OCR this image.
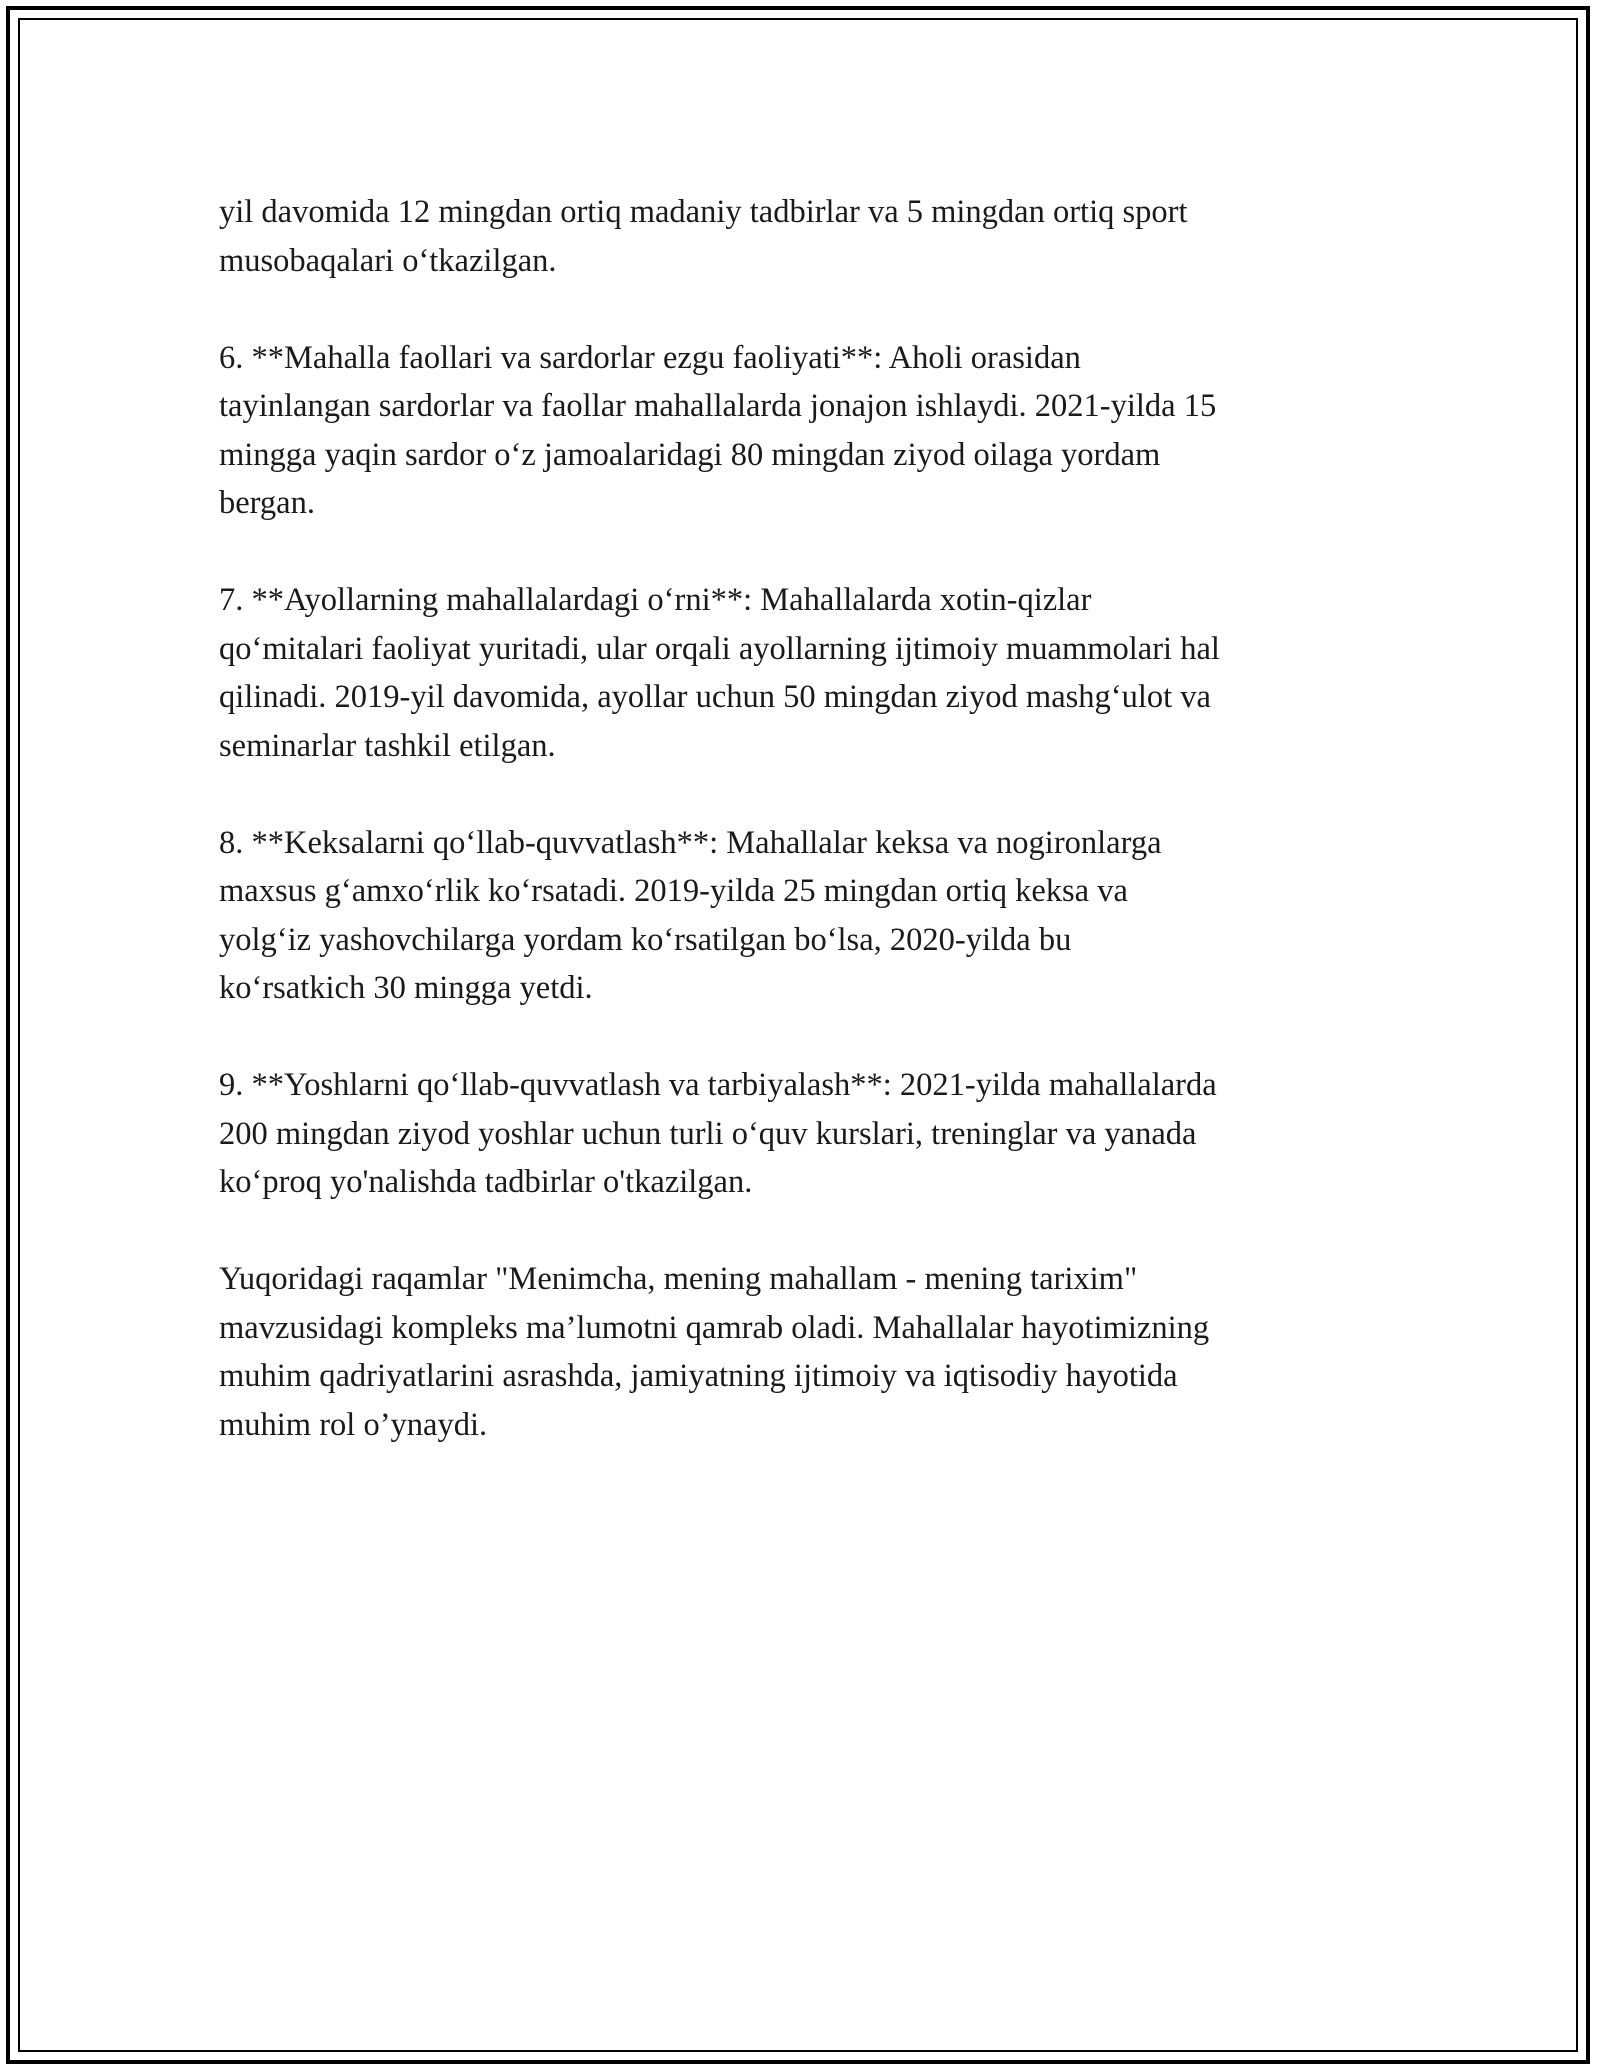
yil davomida 12 mingdan ortiq madaniy tadbirlar va 5 mingdan ortiq sport
musobaqalari oʻtkazilgan.

6. **Mahalla faollari va sardorlar ezgu faoliyati**: Aholi orasidan
tayinlangan sardorlar va faollar mahallalarda jonajon ishlaydi. 2021-yilda 15
mingga yaqin sardor oʻz jamoalaridagi 80 mingdan ziyod oilaga yordam
bergan.

7. **Ayollarning mahallalardagi oʻrni**: Mahallalarda xotin-qizlar
qoʻmitalari faoliyat yuritadi, ular orqali ayollarning ijtimoiy muammolari hal
qilinadi. 2019-yil davomida, ayollar uchun 50 mingdan ziyod mashgʻulot va
seminarlar tashkil etilgan.

8. **Keksalarni qoʻllab-quvvatlash**: Mahallalar keksa va nogironlarga
maxsus gʻamxoʻrlik koʻrsatadi. 2019-yilda 25 mingdan ortiq keksa va
yolgʻiz yashovchilarga yordam koʻrsatilgan boʻlsa, 2020-yilda bu
koʻrsatkich 30 mingga yetdi.

9. **Yoshlarni qoʻllab-quvvatlash va tarbiyalash**: 2021-yilda mahallalarda
200 mingdan ziyod yoshlar uchun turli oʻquv kurslari, treninglar va yanada
koʻproq yo'nalishda tadbirlar o'tkazilgan.

Yuqoridagi raqamlar "Menimcha, mening mahallam - mening tarixim"
mavzusidagi kompleks ma’lumotni qamrab oladi. Mahallalar hayotimizning
muhim qadriyatlarini asrashda, jamiyatning ijtimoiy va iqtisodiy hayotida
muhim rol o’ynaydi.
